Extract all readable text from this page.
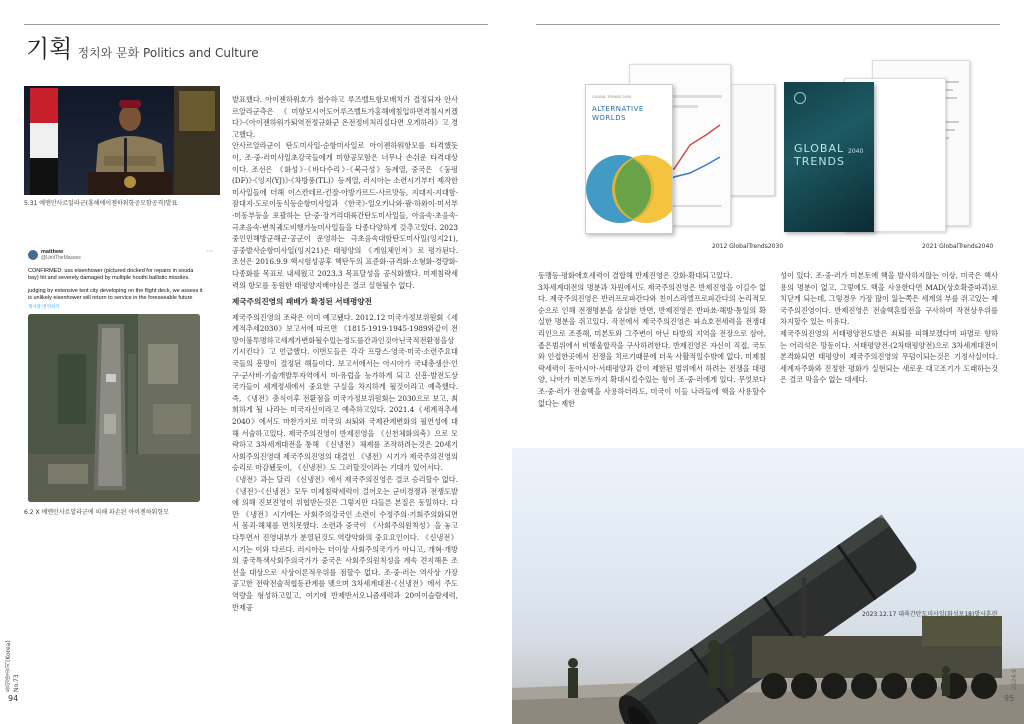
기획 정치와 문화 Politics and Culture
5.31 예멘안사르알라군(홍해에이젠하워항공모함공격)발표
matthew
@UnitTheMasses
···
CONFIRMED: uss eisenhower (pictured docked for repairs in souda bay) hit and severely damaged by multiple houthi ballistic missiles.
judging by extensive tent city developing on the flight deck, we assess it is unlikely eisenhower will return to service in the foreseeable future
게시물 번역하기
6.2 X 예멘안사르알라군에 의해 파손된 아이젠하워항모
통일방송지(Korea) No.73
94

발표했다. 아이젠하워호가 철수하고 루즈벨트항모배치가 결정되자 안사르알라군측은 《미항모시어도어루즈벨트가홍해에침입하면격침시키겠다》·《아이젠하워가퇴역전정규화군 온전정비처리실다면 오게하라》고 경고했다.

안사르알라군이 탄도미사일·순항미사일로 아이젠하워항모를 타격했듯이, 조·중·러미사일초강국들에게 미항공모함은 너무나 손쉬운 타격대상이다. 조선은 《화성》·《바다수리》·《북극성》등계열, 중국은 《둥펑(DF)》·《잉지(YJ)》·《차방풍(TL)》등계열, 러시아는 소련시기부터 제작한 미사일들에 더해 이스칸데르·킨잘·아방가르드·사르맛등, 지대지·지대함·잠대지·도로이동식등순항미사일과 《한국》·일오키나와·괌·하와이·미서부·미동부등을 포괄하는 단·중·장거리대륙간탄도미사일들, 아음속·초음속·극초음속·변칙궤도비행가능미사일들을 다종다양하게 갖추고있다. 2023 중인민해방군해군·공군이 운영하는 극초음속대함탄도미사일(잉지21), 공중발사순항미사일(잉지21)은 태평양의 《게임체인저》로 평가된다. 조선은 2016.9.9 핵시험성공후 핵탄두의 표준화·규격화·소형화·경량화·다종화를 목표로 내세웠고 2023.3 목표달성을 공식화했다. 미제침략세력의 항모를 동원한 태평양지배야심은 결코 실현될수 없다.

제국주의진영의 패배가 확정된 서태평양전

제국주의진영의 조락은 이미 예고됐다. 2012.12 미국가정보위원회《세계적추세2030》보고서에 따르면 《1815·1919·1945·1989와같이 전망이불투명하고세계가변화될수있는정도를간과인것아닌국적전환점을상기시킨다》고 언급했다. 이번도들은 각각 프랑스·영국·미국·소련주요대국들의 흥망이 결정된 해들이다. 보고서에서는 아시아가 국내총생산·인구·군사비·기술개발투자역에서 미·유럽을 능가하게 되고 신흥·발전도상국가들이 세계정세에서 중요한 구실을 차지하게 될것이라고 예측했다. 즉, 《냉전》총식이후 전환점을 미국가정보위원회는 2030으로 보고, 최희하게 될 나라는 미국자신이라고 예측하고있다. 2021.4《세계적추세2040》에서도 마찬가지로 미국의 쇠퇴와 국제관계변화의 필연성에 대해 서술하고있다. 제국주의진영이 반제진영을 《신천체화의축》으로 모략하고 3차세계대전을 통해 《신냉전》체제를 조작하려는것은 20세기 사회주의진영대 제국주의진영의 대결인 《냉전》시기가 제국주의진영의 승리로 마감됐듯이, 《신냉전》도 그러할것이라는 기대가 있어서다.

《냉전》과는 달리 《신냉전》에서 제국주의진영은 결코 승리할수 없다. 《냉전》·《신냉전》모두 미제침략세력이 걸어오는 군비경쟁과 전쟁도발에 의해 진보진영이 위협받는것은 그렇지만 다들른 본질은 동일하다. 다만 《냉전》시기에는 사회주의강국인 소련이 수정주의·기회주의화되면서 몸괴·해체를 면치못했다. 소련과 중국이 《사회주의원칙성》을 놓고 다투면서 진영내부가 분열된것도 역량약화의 중요요인이다. 《신냉전》시기는 이와 다르다. 러시아는 더이상 사회주의국가가 아니고, 개혁·개방의 중국특색사회주의국가가 중국은 사회주의원칙성을 계속 견지해온 조선을 대상으로 사상이론적우위를 점할수 없다. 조·중·러는 역사상 가장 공고한 전략전술적협동관계를 맺으며 3차세계대전·《신냉전》에서 주도역량을 형성하고있고, 여기에 반제반서오니즘세력과 20여이슬람세력, 반제공

GLOBAL TRENDS 2030
ALTERNATIVE
WORLDS
2012 GlobalTrends2030
GLOBAL
TRENDS
2040
2021 GlobalTrends2040

동맹등·평화애호세력이 결합해 반제진영은 강화·확대되고있다.

3차세계대전의 명분과 차원에서도 제국주의진영은 반제진영을 이길수 없다. 제국주의진영은 반러프로파간다와 친이스라엘프로파간다의 논리적모순으로 인해 전쟁명분을 상실한 반면, 반제진영은 반파쑈·해방·통일의 확실한 명분을 쥐고있다. 작전에서 제국주의진영은 파쇼호전세력을 전쟁대리인으로 조종해, 미본토와 그주변이 아닌 타방의 지역을 전장으로 삼아, 좁은범위에서 비행울합작을 구사하려한다. 반제진영은 자신이 직접, 국토와 인접한곳에서 전쟁을 치르기때문에 더욱 사활적일수밖에 없다. 미제침략세력이 동아시아·서태평양과 같이 제한된 범위에서 하려는 전쟁을 대평양, 나아가 미본토까지 확대시킬수있는 힘이 조·중·러에게 있다. 무엇보다 조·중·러가 전술핵을 사용하더라도, 미국이 이들 나라들에 핵을 사용할수 없다는 제한

성이 있다. 조·중·러가 미본토에 핵을 발사하지않는 이상, 미국은 핵사용의 명분이 없고, 그렇에도 핵을 사용한다면 MAD(상호확증파괴)로 치닫게 되는데, 그렇경우 가장 많이 잃는쪽은 세계의 부를 쥐고있는 제국주의진영이다. 반제진영은 전술핵혼합전을 구사하며 작전상우위를 차지할수 있는 이유다.

제국주의진영의 서태평양전도발은 쇠퇴를 피해보겠다며 파멸로 향하는 어리석은 망동이다. 서태평양전·(2차태평양전)으로 3차세계대전이 본격화되면 태평양이 제국주의진영의 무덤이되는것은 기정사실이다. 세계자주화와 진정한 평화가 실현되는 새로운 대고조기가 도래하는것은 결코 막을수 없는 대세다.

2023.12.17 대륙간탄도미사일(화성포18)발사훈련
2024.9
95
